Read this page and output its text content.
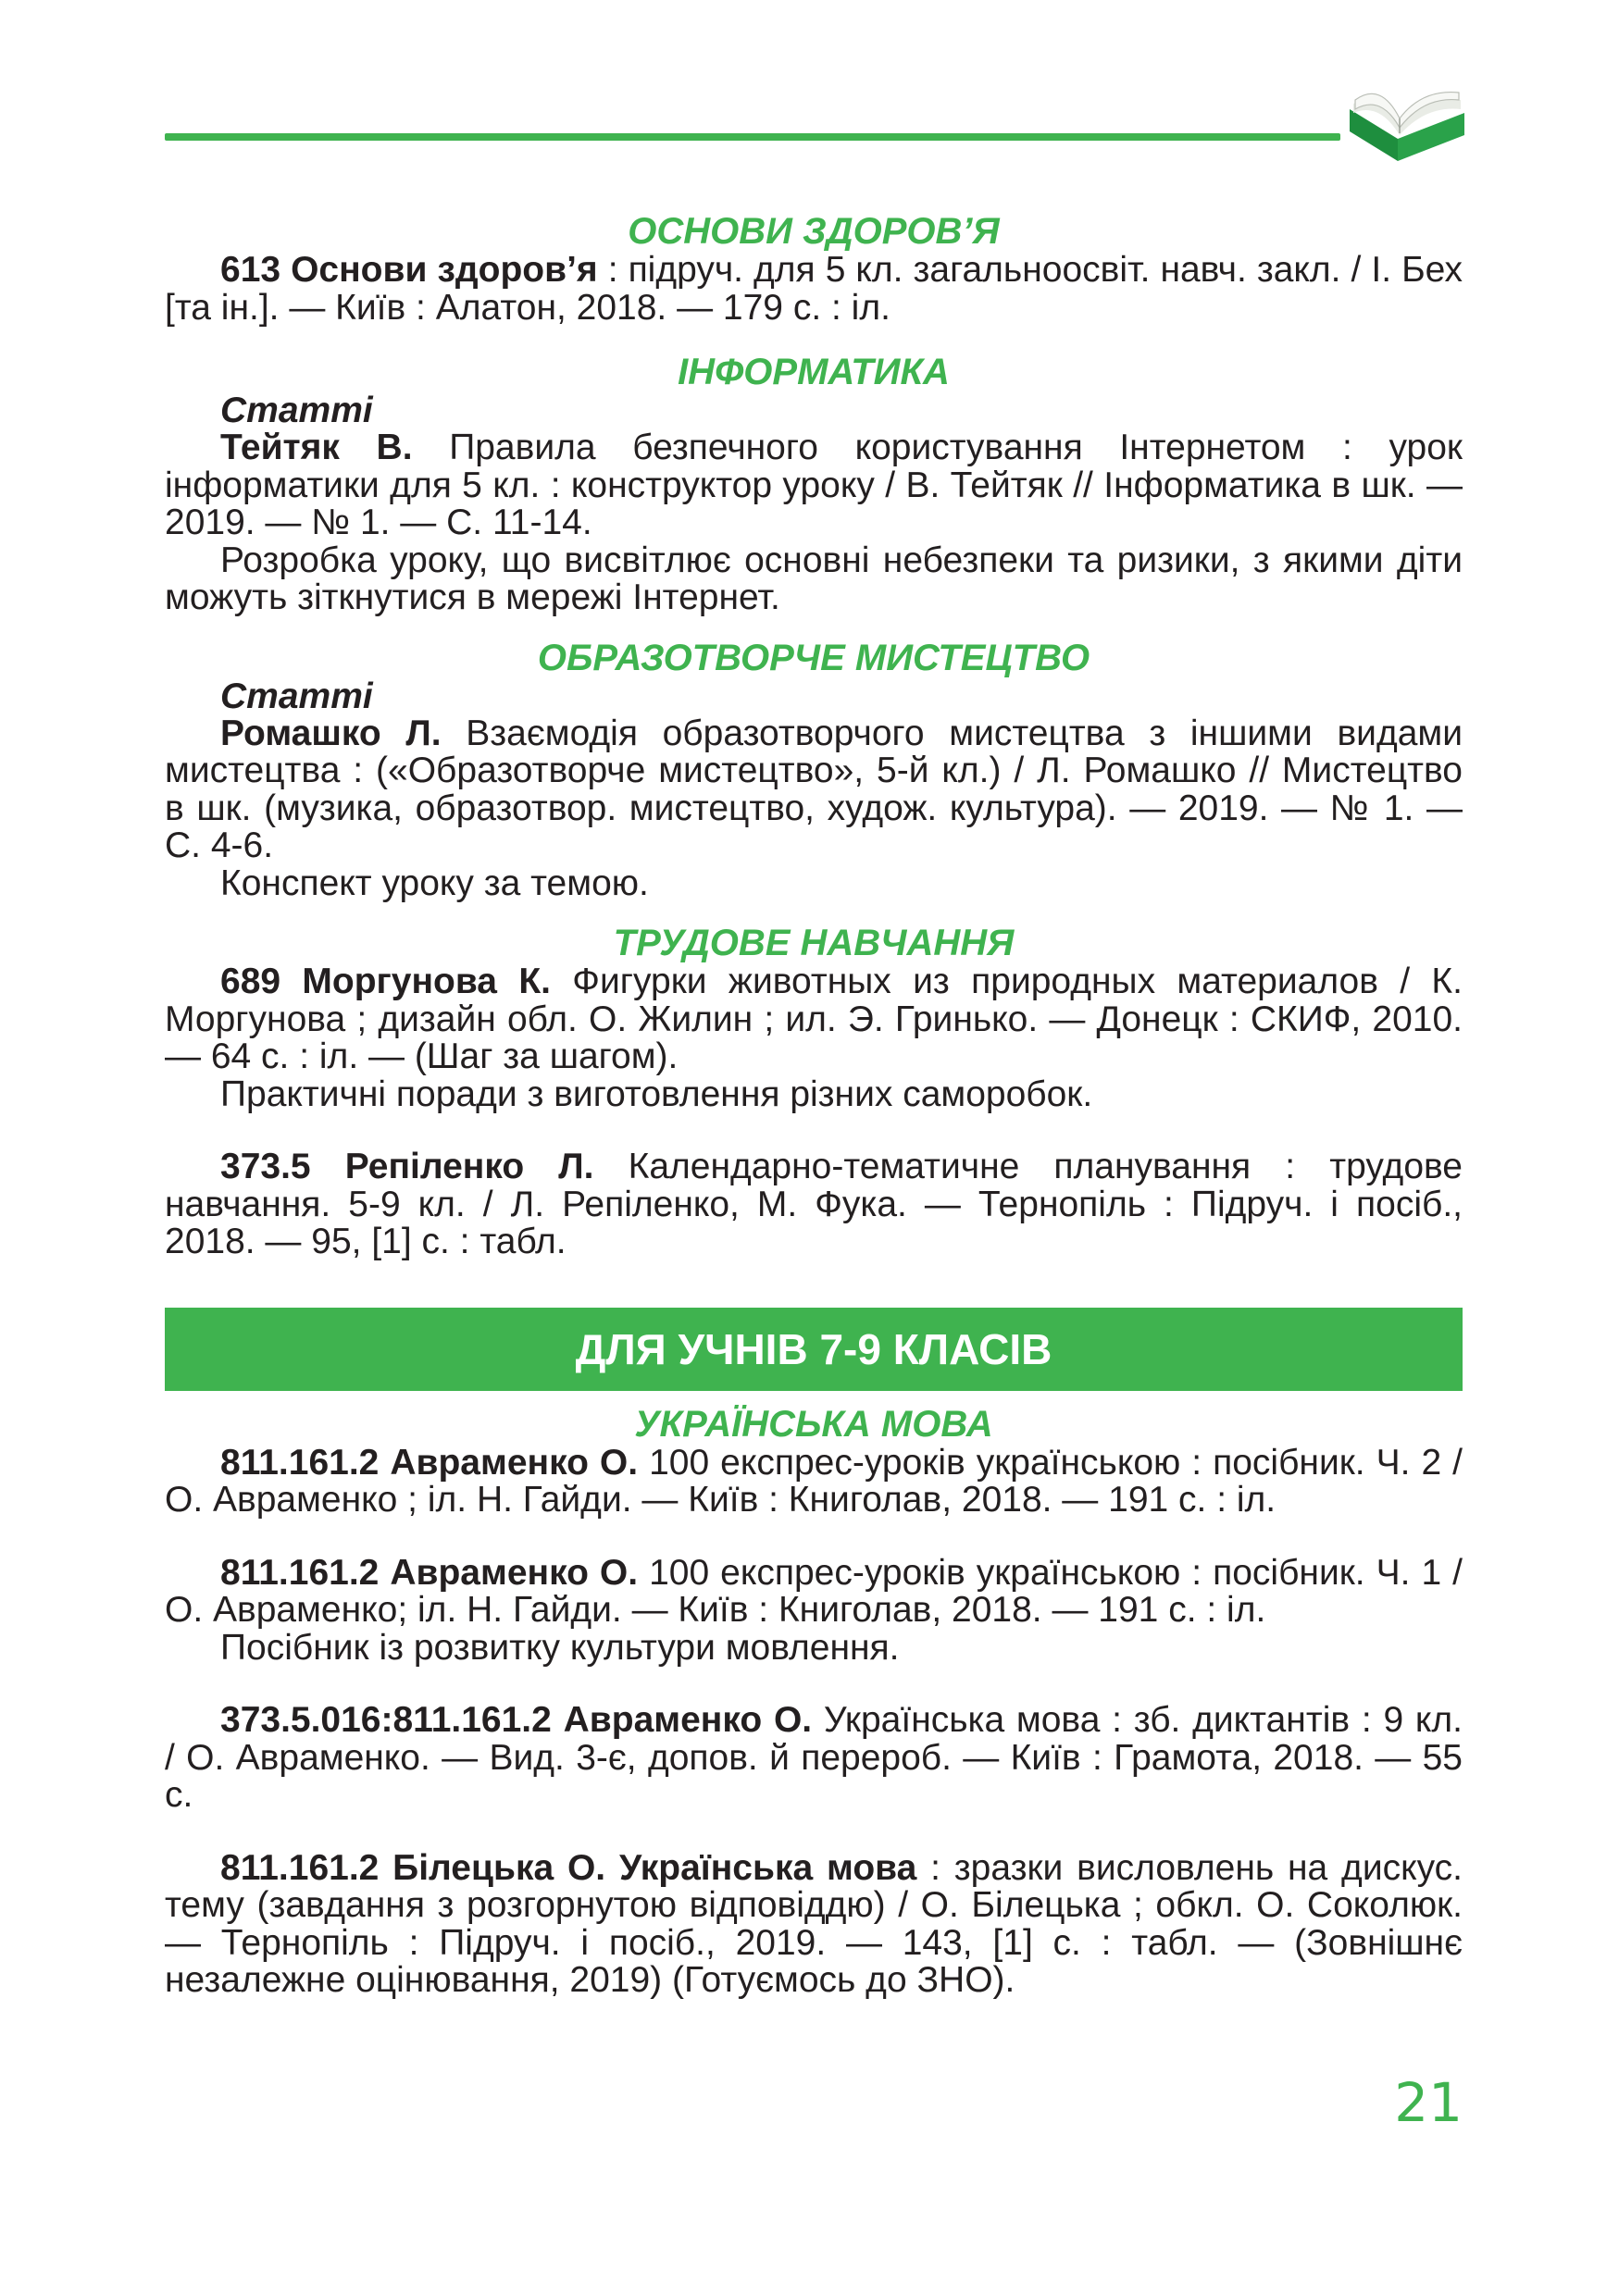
ОСНОВИ ЗДОРОВ’Я

613 Основи здоров’я : підруч. для 5 кл. загальноосвіт. навч. закл. / І. Бех [та ін.]. — Київ : Алатон, 2018. — 179 с. : іл.

ІНФОРМАТИКА
Статті

Тейтяк В. Правила безпечного користування Інтернетом : урок інформатики для 5 кл. : конструктор уроку / В. Тейтяк // Інформатика в шк. — 2019. — № 1. — С. 11-14.

Розробка уроку, що висвітлює основні небезпеки та ризики, з якими діти можуть зіткнутися в мережі Інтернет.

ОБРАЗОТВОРЧЕ МИСТЕЦТВО
Статті

Ромашко Л. Взаємодія образотворчого мистецтва з іншими видами мистецтва : («Образотворче мистецтво», 5-й кл.) / Л. Ромашко // Мистецтво в шк. (музика, образотвор. мистецтво, худож. культура). — 2019. — № 1. — С. 4-6.

Конспект уроку за темою.

ТРУДОВЕ НАВЧАННЯ

689 Моргунова К. Фигурки животных из природных материалов / К. Моргунова ; дизайн обл. О. Жилин ; ил. Э. Гринько. — Донецк : СКИФ, 2010. — 64 с. : іл. — (Шаг за шагом).

Практичні поради з виготовлення різних саморобок.

373.5 Репіленко Л. Календарно-тематичне планування : трудове навчання. 5-9 кл. / Л. Репіленко, М. Фука. — Тернопіль : Підруч. і посіб., 2018. — 95, [1] с. : табл.

ДЛЯ УЧНІВ 7-9 КЛАСІВ
УКРАЇНСЬКА МОВА

811.161.2 Авраменко О. 100 експрес-уроків українською : посібник. Ч. 2 / О. Авраменко ; іл. Н. Гайди. — Київ : Книголав, 2018. — 191 с. : іл.

811.161.2 Авраменко О. 100 експрес-уроків українською : посібник. Ч. 1 / О. Авраменко; іл. Н. Гайди. — Київ : Книголав, 2018. — 191 с. : іл.

Посібник із розвитку культури мовлення.

373.5.016:811.161.2 Авраменко О. Українська мова : зб. диктантів : 9 кл. / О. Авраменко. — Вид. 3-є, допов. й перероб. — Київ : Грамота, 2018. — 55 с.

811.161.2 Білецька О. Українська мова : зразки висловлень на дискус. тему (завдання з розгорнутою відповіддю) / О. Білецька ; обкл. О. Соколюк. — Тернопіль : Підруч. і посіб., 2019. — 143, [1] с. : табл. — (Зовнішнє незалежне оцінювання, 2019) (Готуємось до ЗНО).

21
